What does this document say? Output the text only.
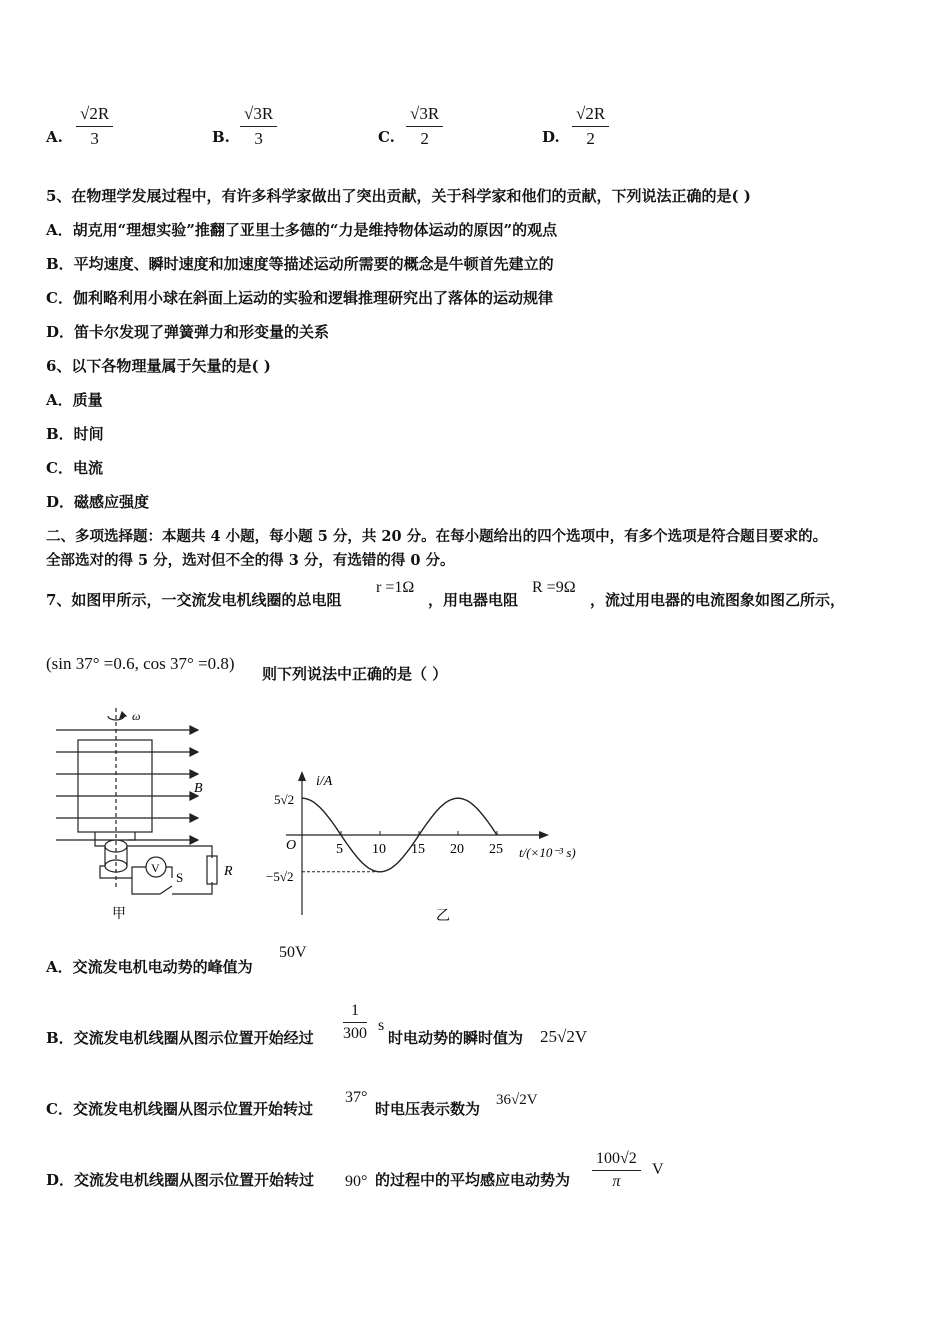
A.
√2R
3	B.
√3R
3	C.
√3R
2	D.
√2R
2
5、在物理学发展过程中，有许多科学家做出了突出贡献，关于科学家和他们的贡献，下列说法正确的是( )
A．胡克用“理想实验”推翻了亚里士多德的“力是维持物体运动的原因”的观点
B．平均速度、瞬时速度和加速度等描述运动所需要的概念是牛顿首先建立的
C．伽利略利用小球在斜面上运动的实验和逻辑推理研究出了落体的运动规律
D．笛卡尔发现了弹簧弹力和形变量的关系
6、以下各物理量属于矢量的是( )
A．质量
B．时间
C．电流
D．磁感应强度
二、多项选择题：本题共 4 小题，每小题 5 分，共 20 分。在每小题给出的四个选项中，有多个选项是符合题目要求的。
全部选对的得 5 分，选对但不全的得 3 分，有选错的得 0 分。
7、如图甲所示，一交流发电机线圈的总电阻
r =1Ω
，用电器电阻
R =9Ω
，流过用电器的电流图象如图乙所示，
(sin 37° =0.6, cos 37° =0.8)
则下列说法中正确的是（ ）
ω
B
V
S	R
甲
5 10 15 20 25
i/A
O	t/(×10⁻³ s)
5√2
−5√2
乙
A．交流发电机电动势的峰值为
50V
B．交流发电机线圈从图示位置开始经过
1
300 s
时电动势的瞬时值为 25√2V
C．交流发电机线圈从图示位置开始转过
37°
时电压表示数为 36√2V
D．交流发电机线圈从图示位置开始转过 90° 的过程中的平均感应电动势为
100√2
π
V
